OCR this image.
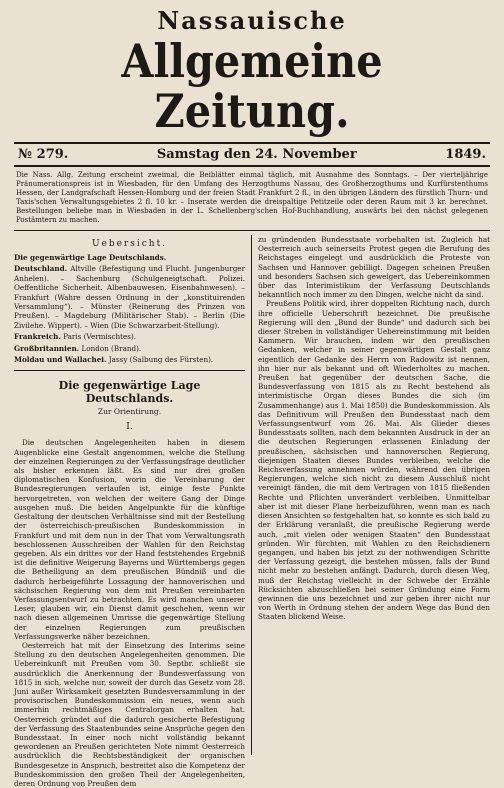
Nassauische
Allgemeine Zeitung.
№ 279.	Samstag den 24. November	1849.
Die Nass. Allg. Zeitung erscheint zweimal, die Beiblätter einmal täglich, mit Ausnahme des Sonntags. – Der vierteljährige Pränumerationspreis ist in Wiesbaden, für den Umfang des Herzogthums Nassau, des Großherzogthums und Kurfürstenthums Hessen, der Landgrafschaft Hessen-Homburg und der freien Stadt Frankfurt 2 fl., in den übrigen Ländern des fürstlich Thurn- und Taxis'schen Verwaltungsgebietes 2 fl. 10 kr. – Inserate werden die dreispaltige Petitzeile oder deren Raum mit 3 kr. berechnet. Bestellungen beliebe man in Wiesbaden in der L. Schellenberg'schen Hof-Buchhandlung, auswärts bei den nächst gelegenen Postämtern zu machen.
Uebersicht.

Die gegenwärtige Lage Deutschlands.

Deutschland. Altville (Befestigung und Flucht. Jungenburger Anhelen). – Sachenburg (Schulgeneigtschaft. Polizei. Oeffentliche Sicherheit. Albenbauwesen. Eisenbahnwesen). – Frankfurt (Wahre dessen Ordnung in der „konstituirenden Versammlung“). – Münster (Reinerung des Prinzen von Preußen). – Magdeburg (Militärischer Stab). – Berlin (Die Zivilehe. Wippert). – Wien (Die Schwarzarbeit-Stellung).

Frankreich. Paris (Vermischtes).

Großbritannien. London (Brand).

Moldau und Wallachei. Jassy (Salbung des Fürsten).

Die gegenwärtige Lage Deutschlands.
Zur Orientirung.
I.

Die deutschen Angelegenheiten haben in diesem Augenblicke eine Gestalt angenommen, welche die Stellung der einzelnen Regierungen zu der Verfassungsfrage deutlicher als bisher erkennen läßt. Es sind nur drei großen diplomatischen Konfusion, worin die Vereinbarung der Bundesregierungen verlaufen ist, einige feste Punkte hervorgetreten, von welchen der weitere Gang der Dinge ausgehen muß. Die beiden Angelpunkte für die künftige Gestaltung der deutschen Verhältnisse sind mit der Bestellung der österreichisch-preußischen Bundeskommission in Frankfurt und mit dem nun in der That vom Verwaltungsrath beschlossenen Ausschreiben der Wahlen für den Reichstag gegeben. Als ein drittes vor der Hand feststehendes Ergebniß ist die definitive Weigerung Bayerns und Württembergs gegen die Betheiligung an dem preußischen Bündniß und die dadurch herbeigeführte Lossagung der hannoverischen und sächsischen Regierung von dem mit Preußen vereinbarten Verfassungsentwurf zu betrachten. Es wird manchen unserer Leser, glauben wir, ein Dienst damit geschehen, wenn wir nach diesen allgemeinen Umrisse die gegenwärtige Stellung der einzelnen Regierungen zum preußischen Verfassungswerke näher bezeichnen.

Oesterreich hat mit der Einsetzung des Interims seine Stellung zu den deutschen Angelegenheiten genommen. Die Uebereinkunft mit Preußen vom 30. Septbr. schließt sie ausdrücklich die Anerkennung der Bundesverfassung von 1815 in sich, welche nur, soweit der durch das Gesetz vom 28. Juni außer Wirksamkeit gesetzten Bundesversammlung in der provisorischen Bundeskommission ein neues, wenn auch immerhin rechtmäßiges Centralorgan erhalten hat. Oesterreich gründet auf die dadurch gesicherte Befestigung der Verfassung des Staatenbundes seine Ansprüche gegen den Bundesstaat. In einer noch nicht vollständig bekannt gewordenen an Preußen gerichteten Note nimmt Oesterreich ausdrücklich die Rechtsbeständigkeit der organischen Bundesgesetze in Anspruch, bestreitet also die Kompetenz der Bundeskommission den großen Theil der Angelegenheiten, deren Ordnung von Preußen dem

zu gründenden Bundesstaate vorbehalten ist. Zugleich hat Oesterreich auch seinerseits Protest gegen die Berufung des Reichstages eingelegt und ausdrücklich die Proteste von Sachsen und Hannover gebilligt. Dagegen scheinen Preußen und besonders Sachsen sich geweigert, das Uebereinkommen über das Interimistikum der Verfassung Deutschlands bekanntlich noch immer zu den Dingen, welche nicht da sind.

Preußens Politik wird, ihrer doppelten Richtung nach, durch ihre officielle Ueberschrift bezeichnet. Die preußische Regierung will den „Bund der Bunde“ und dadurch sich bei dieser Streben in vollständiger Uebereinstimmung mit beiden Kammern. Wir brauchen, indem wir den preußischen Gedanken, welcher in seiner gegenwärtigen Gestalt ganz eigentlich der Gedanke des Herrn von Radowitz ist nennen, ihn hier nur als bekannt und oft Wiederholtes zu machen. Preußen hat gegenüber der deutschen Sache, die Bundesverfassung von 1815 als zu Recht bestehend als interimistische Organ dieses Bundes die sich (im Zusammenhange) aus 1. Mai 1850) die Bundeskommission. Als das Definitivum will Preußen den Bundesstaat nach dem Verfassungsentwurf vom 26. Mai. Als Glieder dieses Bundesstaats sollten, nach dem bekannten Ausdruck in der an die deutschen Regierungen erlassenen Einladung der preußischen, sächsischen und hannoverschen Regierung, diejenigen Staaten dieses Bundes verbleiben, welche die Reichsverfassung annehmen würden, während den übrigen Regierungen, welche sich nicht zu diesem Ausschluß nicht vereinigt fänden, die mit dem Vertragen von 1815 fließenden Rechte und Pflichten unverändert verbleiben. Unmittelbar aber ist mit dieser Plane herbeizuführen, wenn man es nach diesen Ansichten so festgehalten hat, so konnte es sich bald zu der Erklärung veranlaßt, die preußische Regierung werde auch, „mit vielen oder wenigen Staaten“ den Bundesstaat gründen. Wir fürchten, mit Wahlen zu den Reichsdienern gegangen, und haben bis jetzt zu der nothwendigen Schritte der Verfassung gezeigt, die bestehen müssen, falls der Bund nicht mehr zu bestehen anfängt. Dadurch, durch diesen Weg, muß der Reichstag vielleicht in der Schwebe der Erzähle Rücksichten abzuschließen bei seiner Gründung eine Form gewinnen die uns bezeichnet und zur geben ihrer nicht nur von Werth in Ordnung stehen der andern Wege das Bund den Staaten blickend Weise.
